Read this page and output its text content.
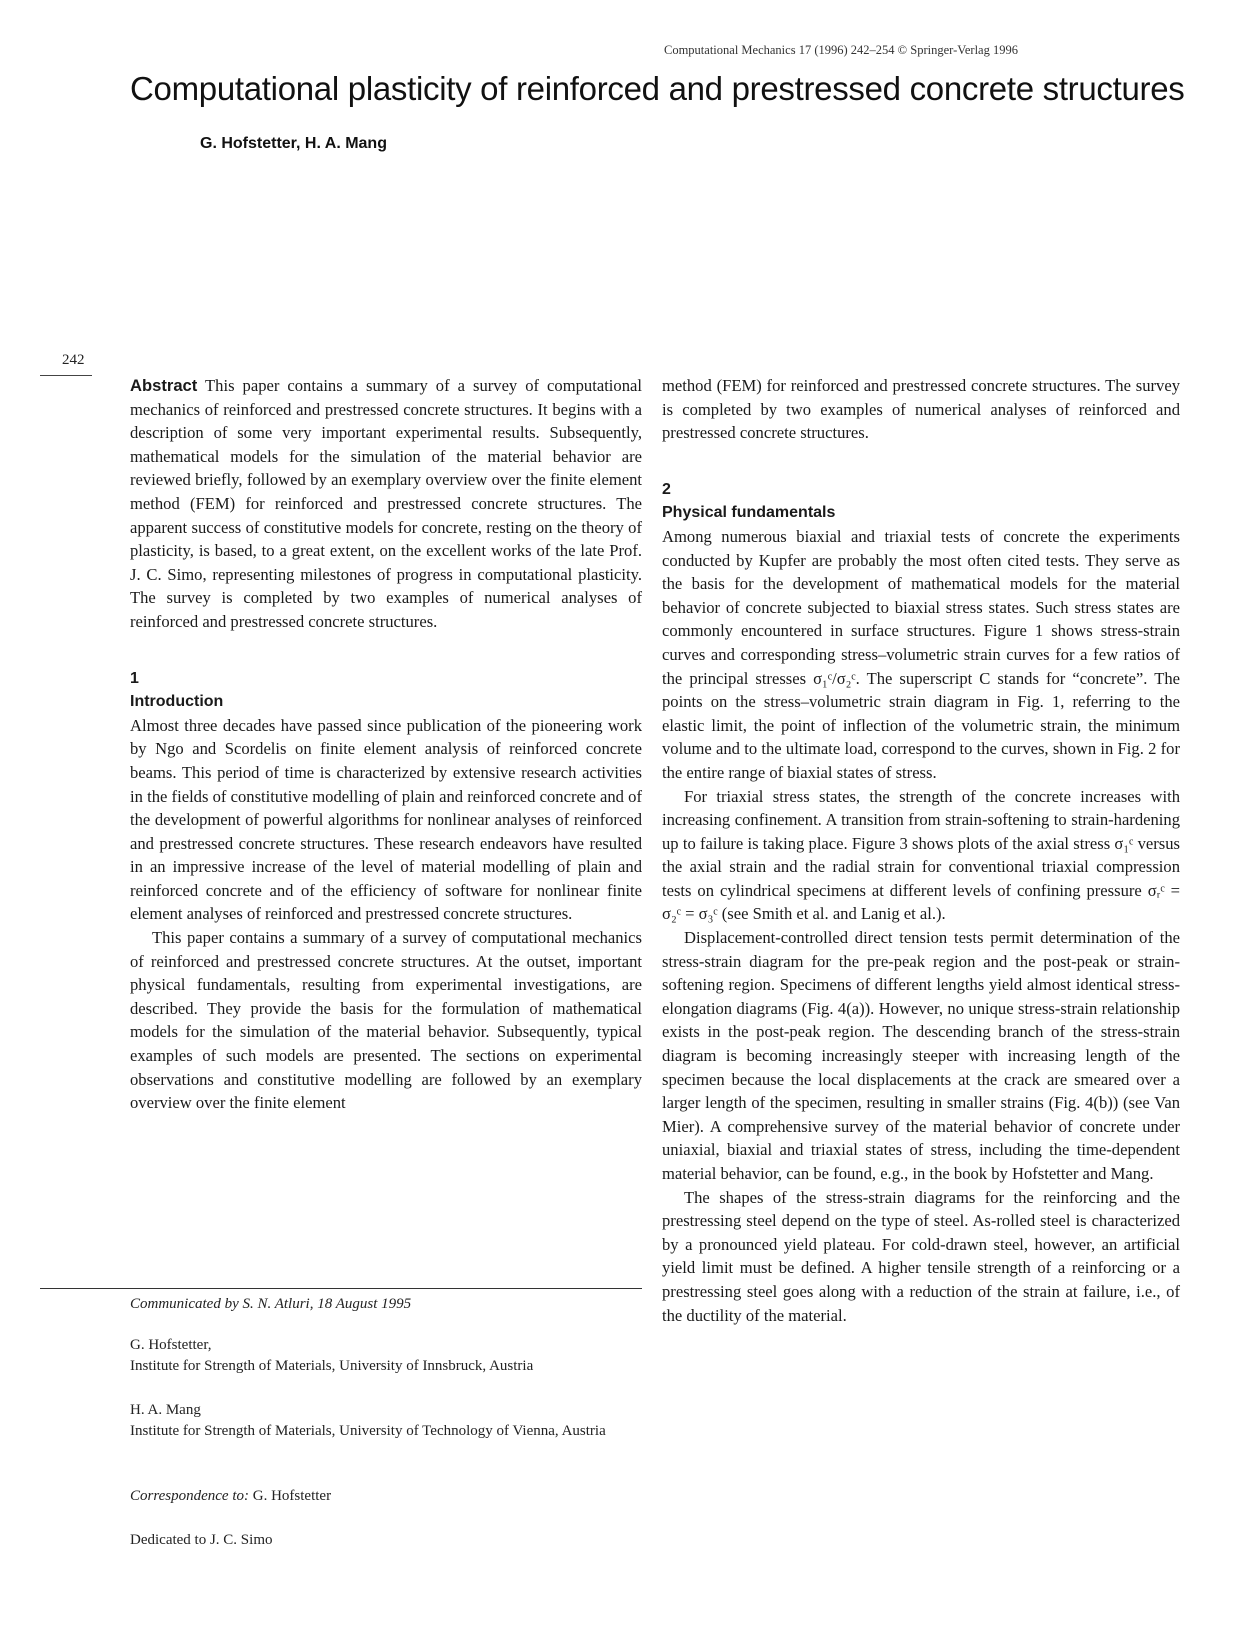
Computational Mechanics 17 (1996) 242–254 © Springer-Verlag 1996
Computational plasticity of reinforced and prestressed concrete structures
G. Hofstetter, H. A. Mang
242

Abstract This paper contains a summary of a survey of computational mechanics of reinforced and prestressed concrete structures. It begins with a description of some very important experimental results. Subsequently, mathematical models for the simulation of the material behavior are reviewed briefly, followed by an exemplary overview over the finite element method (FEM) for reinforced and prestressed concrete structures. The apparent success of constitutive models for concrete, resting on the theory of plasticity, is based, to a great extent, on the excellent works of the late Prof. J. C. Simo, representing milestones of progress in computational plasticity. The survey is completed by two examples of numerical analyses of reinforced and prestressed concrete structures.

1

Introduction

Almost three decades have passed since publication of the pioneering work by Ngo and Scordelis on finite element analysis of reinforced concrete beams. This period of time is characterized by extensive research activities in the fields of constitutive modelling of plain and reinforced concrete and of the development of powerful algorithms for nonlinear analyses of reinforced and prestressed concrete structures. These research endeavors have resulted in an impressive increase of the level of material modelling of plain and reinforced concrete and of the efficiency of software for nonlinear finite element analyses of reinforced and prestressed concrete structures.

This paper contains a summary of a survey of computational mechanics of reinforced and prestressed concrete structures. At the outset, important physical fundamentals, resulting from experimental investigations, are described. They provide the basis for the formulation of mathematical models for the simulation of the material behavior. Subsequently, typical examples of such models are presented. The sections on experimental observations and constitutive modelling are followed by an exemplary overview over the finite element

method (FEM) for reinforced and prestressed concrete structures. The survey is completed by two examples of numerical analyses of reinforced and prestressed concrete structures.

2

Physical fundamentals

Among numerous biaxial and triaxial tests of concrete the experiments conducted by Kupfer are probably the most often cited tests. They serve as the basis for the development of mathematical models for the material behavior of concrete subjected to biaxial stress states. Such stress states are commonly encountered in surface structures. Figure 1 shows stress-strain curves and corresponding stress–volumetric strain curves for a few ratios of the principal stresses σ₁ᶜ/σ₂ᶜ. The superscript C stands for “concrete”. The points on the stress–volumetric strain diagram in Fig. 1, referring to the elastic limit, the point of inflection of the volumetric strain, the minimum volume and to the ultimate load, correspond to the curves, shown in Fig. 2 for the entire range of biaxial states of stress.

For triaxial stress states, the strength of the concrete increases with increasing confinement. A transition from strain-softening to strain-hardening up to failure is taking place. Figure 3 shows plots of the axial stress σ₁ᶜ versus the axial strain and the radial strain for conventional triaxial compression tests on cylindrical specimens at different levels of confining pressure σᵣᶜ = σ₂ᶜ = σ₃ᶜ (see Smith et al. and Lanig et al.).

Displacement-controlled direct tension tests permit determination of the stress-strain diagram for the pre-peak region and the post-peak or strain-softening region. Specimens of different lengths yield almost identical stress-elongation diagrams (Fig. 4(a)). However, no unique stress-strain relationship exists in the post-peak region. The descending branch of the stress-strain diagram is becoming increasingly steeper with increasing length of the specimen because the local displacements at the crack are smeared over a larger length of the specimen, resulting in smaller strains (Fig. 4(b)) (see Van Mier). A comprehensive survey of the material behavior of concrete under uniaxial, biaxial and triaxial states of stress, including the time-dependent material behavior, can be found, e.g., in the book by Hofstetter and Mang.

The shapes of the stress-strain diagrams for the reinforcing and the prestressing steel depend on the type of steel. As-rolled steel is characterized by a pronounced yield plateau. For cold-drawn steel, however, an artificial yield limit must be defined. A higher tensile strength of a reinforcing or a prestressing steel goes along with a reduction of the strain at failure, i.e., of the ductility of the material.

Communicated by S. N. Atluri, 18 August 1995

G. Hofstetter,

Institute for Strength of Materials, University of Innsbruck, Austria

H. A. Mang

Institute for Strength of Materials, University of Technology of Vienna, Austria

Correspondence to: G. Hofstetter

Dedicated to J. C. Simo
